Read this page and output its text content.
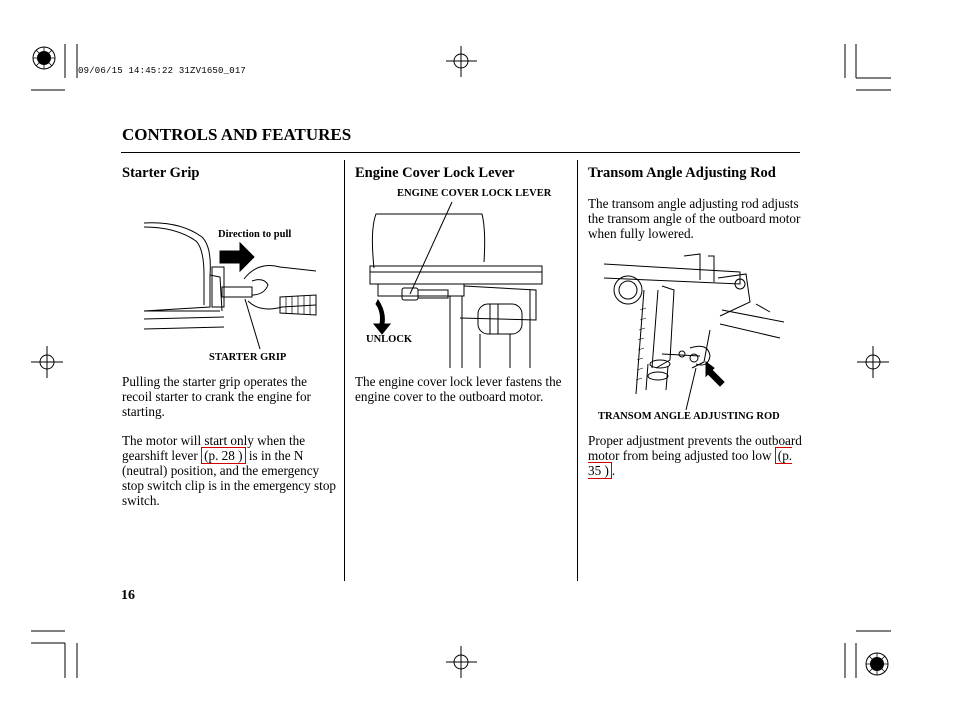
09/06/15 14:45:22 31ZV1650_017
CONTROLS AND FEATURES
Starter Grip
Direction to pull
STARTER GRIP
Pulling the starter grip operates the recoil starter to crank the engine for starting.
The motor will start only when the gearshift lever (p. 28 ) is in the N (neutral) position, and the emergency stop switch clip is in the emergency stop switch.
Engine Cover Lock Lever
ENGINE COVER LOCK LEVER
UNLOCK
The engine cover lock lever fastens the engine cover to the outboard motor.
Transom Angle Adjusting Rod
The transom angle adjusting rod adjusts the transom angle of the outboard motor when fully lowered.
TRANSOM ANGLE ADJUSTING ROD
Proper adjustment prevents the outboard motor from being adjusted too low (p. 35 ) .
16
